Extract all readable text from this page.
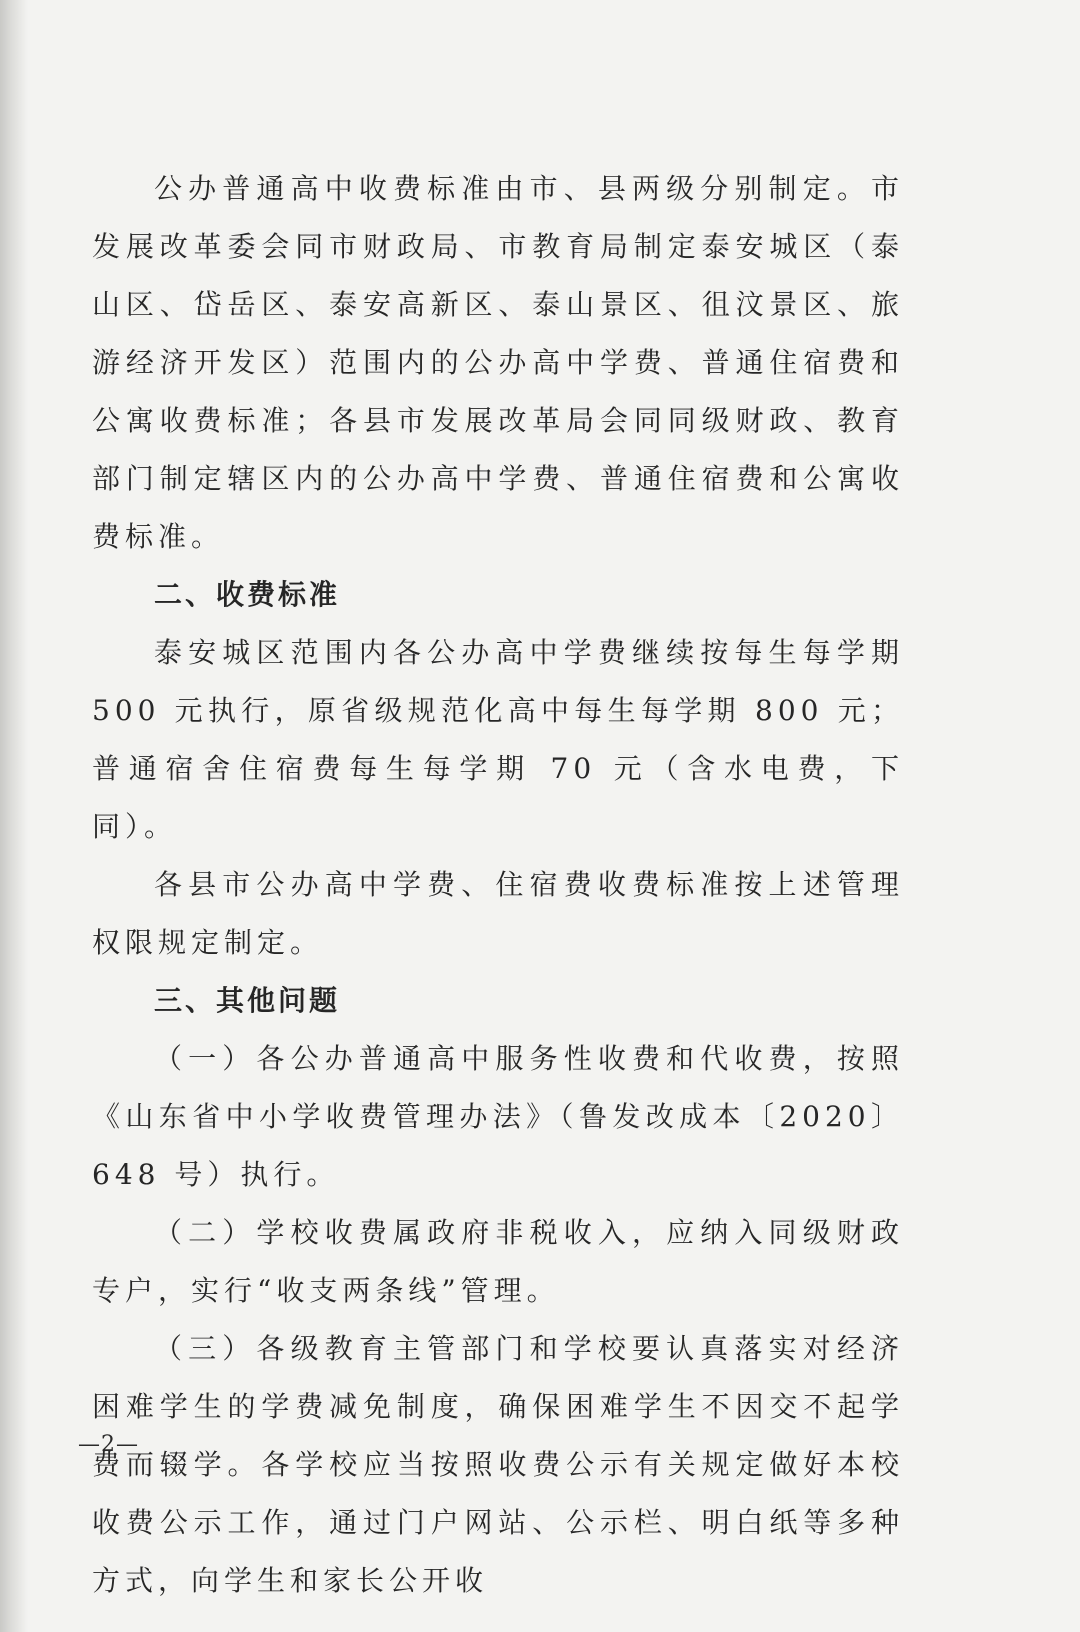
公办普通高中收费标准由市、县两级分别制定。市发展改革委会同市财政局、市教育局制定泰安城区（泰山区、岱岳区、泰安高新区、泰山景区、徂汶景区、旅游经济开发区）范围内的公办高中学费、普通住宿费和公寓收费标准；各县市发展改革局会同同级财政、教育部门制定辖区内的公办高中学费、普通住宿费和公寓收费标准。

二、收费标准

泰安城区范围内各公办高中学费继续按每生每学期 500 元执行，原省级规范化高中每生每学期 800 元；普通宿舍住宿费每生每学期 70 元（含水电费，下同）。

各县市公办高中学费、住宿费收费标准按上述管理权限规定制定。

三、其他问题

（一）各公办普通高中服务性收费和代收费，按照《山东省中小学收费管理办法》（鲁发改成本〔2020〕648 号）执行。

（二）学校收费属政府非税收入，应纳入同级财政专户，实行“收支两条线”管理。

（三）各级教育主管部门和学校要认真落实对经济困难学生的学费减免制度，确保困难学生不因交不起学费而辍学。各学校应当按照收费公示有关规定做好本校收费公示工作，通过门户网站、公示栏、明白纸等多种方式，向学生和家长公开收

—2—
